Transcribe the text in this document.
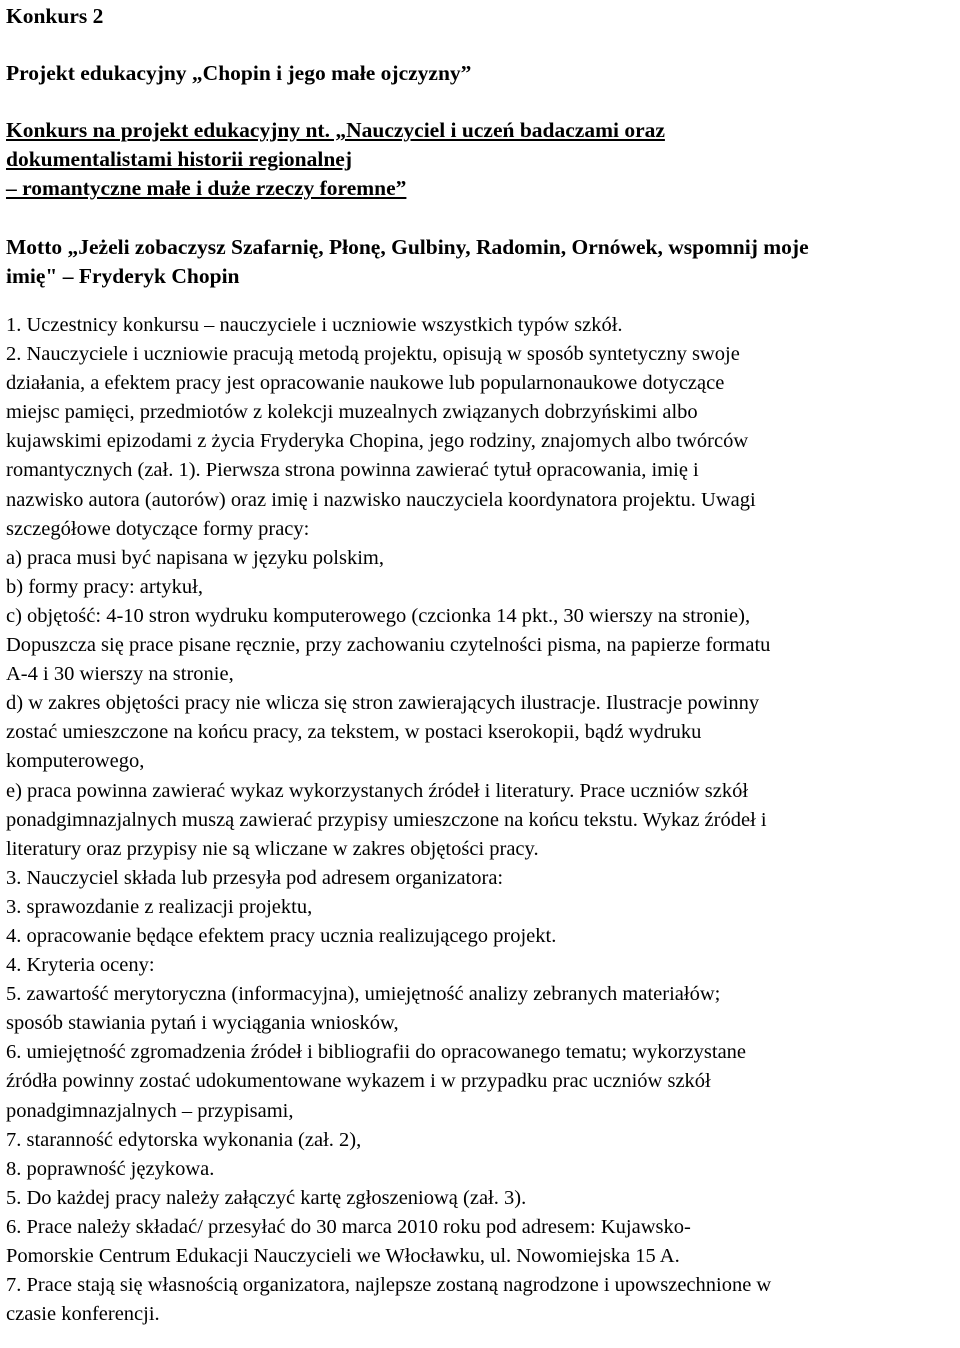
Konkurs 2
Projekt edukacyjny „Chopin i jego małe ojczyzny”
Konkurs na projekt edukacyjny nt. „Nauczyciel i uczeń badaczami oraz
dokumentalistami historii regionalnej
– romantyczne małe i duże rzeczy foremne”
Motto „Jeżeli zobaczysz Szafarnię, Płonę, Gulbiny, Radomin, Ornówek, wspomnij moje
imię" – Fryderyk Chopin

1. Uczestnicy konkursu – nauczyciele i uczniowie wszystkich typów szkół.

2. Nauczyciele i uczniowie pracują metodą projektu, opisują w sposób syntetyczny swoje

działania, a efektem pracy jest opracowanie naukowe lub popularnonaukowe dotyczące

miejsc pamięci, przedmiotów z kolekcji muzealnych związanych dobrzyńskimi albo

kujawskimi epizodami z życia Fryderyka Chopina, jego rodziny, znajomych albo twórców

romantycznych (zał. 1). Pierwsza strona powinna zawierać tytuł opracowania, imię i

nazwisko autora (autorów) oraz imię i nazwisko nauczyciela koordynatora projektu. Uwagi

szczegółowe dotyczące formy pracy:

a) praca musi być napisana w języku polskim,

b) formy pracy: artykuł,

c) objętość: 4-10 stron wydruku komputerowego (czcionka 14 pkt., 30 wierszy na stronie),

Dopuszcza się prace pisane ręcznie, przy zachowaniu czytelności pisma, na papierze formatu

A-4 i 30 wierszy na stronie,

d) w zakres objętości pracy nie wlicza się stron zawierających ilustracje. Ilustracje powinny

zostać umieszczone na końcu pracy, za tekstem, w postaci kserokopii, bądź wydruku

komputerowego,

e) praca powinna zawierać wykaz wykorzystanych źródeł i literatury. Prace uczniów szkół

ponadgimnazjalnych muszą zawierać przypisy umieszczone na końcu tekstu. Wykaz źródeł i

literatury oraz przypisy nie są wliczane w zakres objętości pracy.

3. Nauczyciel składa lub przesyła pod adresem organizatora:

3. sprawozdanie z realizacji projektu,

4. opracowanie będące efektem pracy ucznia realizującego projekt.

4. Kryteria oceny:

5. zawartość merytoryczna (informacyjna), umiejętność analizy zebranych materiałów;

sposób stawiania pytań i wyciągania wniosków,

6. umiejętność zgromadzenia źródeł i bibliografii do opracowanego tematu; wykorzystane

źródła powinny zostać udokumentowane wykazem i w przypadku prac uczniów szkół

ponadgimnazjalnych – przypisami,

7. staranność edytorska wykonania (zał. 2),

8. poprawność językowa.

5. Do każdej pracy należy załączyć kartę zgłoszeniową (zał. 3).

6. Prace należy składać/ przesyłać do 30 marca 2010 roku pod adresem: Kujawsko-

Pomorskie Centrum Edukacji Nauczycieli we Włocławku, ul. Nowomiejska 15 A.

7. Prace stają się własnością organizatora, najlepsze zostaną nagrodzone i upowszechnione w

czasie konferencji.
